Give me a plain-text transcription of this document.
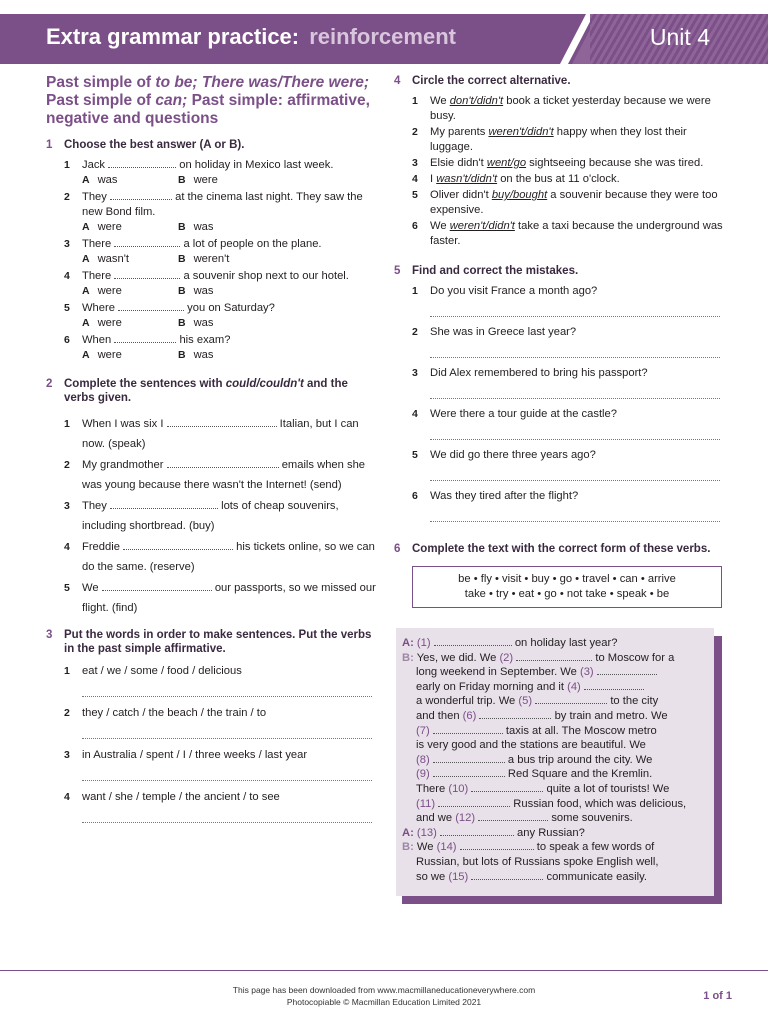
Extra grammar practice: reinforcement	Unit 4
Past simple of to be; There was/There were; Past simple of can; Past simple: affirmative, negative and questions
1 Choose the best answer (A or B).
1 Jack	on holiday in Mexico last week.
A was	B were
2 They	at the cinema last night. They saw the new Bond film.
A were	B was
3 There	a lot of people on the plane.
A wasn't	B weren't
4 There	a souvenir shop next to our hotel.
A were	B was
5 Where	you on Saturday?
A were	B was
6 When	his exam?
A were	B was
2 Complete the sentences with could/couldn't and the verbs given.
1 When I was six I	Italian, but I can now. (speak)
2 My grandmother	emails when she was young because there wasn't the Internet! (send)
3 They	lots of cheap souvenirs, including shortbread. (buy)
4 Freddie	his tickets online, so we can do the same. (reserve)
5 We	our passports, so we missed our flight. (find)
3 Put the words in order to make sentences. Put the verbs in the past simple affirmative.
1 eat / we / some / food / delicious
2 they / catch / the beach / the train / to
3 in Australia / spent / I / three weeks / last year
4 want / she / temple / the ancient / to see
4 Circle the correct alternative.
1 We don't/didn't book a ticket yesterday because we were busy.
2 My parents weren't/didn't happy when they lost their luggage.
3 Elsie didn't went/go sightseeing because she was tired.
4 I wasn't/didn't on the bus at 11 o'clock.
5 Oliver didn't buy/bought a souvenir because they were too expensive.
6 We weren't/didn't take a taxi because the underground was faster.
5 Find and correct the mistakes.
1 Do you visit France a month ago?
2 She was in Greece last year?
3 Did Alex remembered to bring his passport?
4 Were there a tour guide at the castle?
5 We did go there three years ago?
6 Was they tired after the flight?
6 Complete the text with the correct form of these verbs.
be • fly • visit • buy • go • travel • can • arrive
take • try • eat • go • not take • speak • be
A: (1)	on holiday last year?
B: Yes, we did. We (2)	to Moscow for a
long weekend in September. We (3)
early on Friday morning and it (4)
a wonderful trip. We (5)	to the city
and then (6)	by train and metro. We
(7)	taxis at all. The Moscow metro
is very good and the stations are beautiful. We
(8)	a bus trip around the city. We
(9)	Red Square and the Kremlin.
There (10)	quite a lot of tourists! We
(11)	Russian food, which was delicious,
and we (12)	some souvenirs.
A: (13)	any Russian?
B: We (14)	to speak a few words of
Russian, but lots of Russians spoke English well,
so we (15)	communicate easily.
This page has been downloaded from www.macmillaneducationeverywhere.com
Photocopiable © Macmillan Education Limited 2021	1 of 1
